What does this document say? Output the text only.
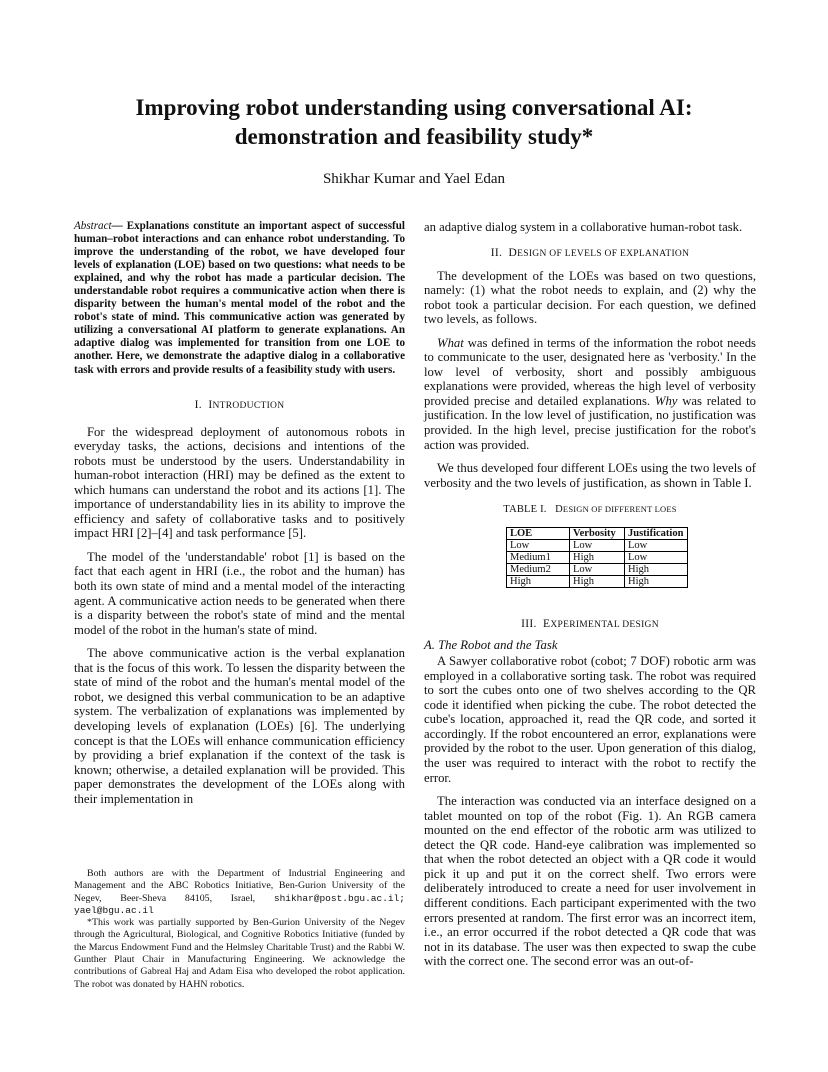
Improving robot understanding using conversational AI:
demonstration and feasibility study*
Shikhar Kumar and Yael Edan

Abstract— Explanations constitute an important aspect of successful human–robot interactions and can enhance robot understanding. To improve the understanding of the robot, we have developed four levels of explanation (LOE) based on two questions: what needs to be explained, and why the robot has made a particular decision. The understandable robot requires a communicative action when there is disparity between the human's mental model of the robot and the robot's state of mind. This communicative action was generated by utilizing a conversational AI platform to generate explanations. An adaptive dialog was implemented for transition from one LOE to another. Here, we demonstrate the adaptive dialog in a collaborative task with errors and provide results of a feasibility study with users.

I. INTRODUCTION

For the widespread deployment of autonomous robots in everyday tasks, the actions, decisions and intentions of the robots must be understood by the users. Understandability in human-robot interaction (HRI) may be defined as the extent to which humans can understand the robot and its actions [1]. The importance of understandability lies in its ability to improve the efficiency and safety of collaborative tasks and to positively impact HRI [2]–[4] and task performance [5].

The model of the 'understandable' robot [1] is based on the fact that each agent in HRI (i.e., the robot and the human) has both its own state of mind and a mental model of the interacting agent. A communicative action needs to be generated when there is a disparity between the robot's state of mind and the mental model of the robot in the human's state of mind.

The above communicative action is the verbal explanation that is the focus of this work. To lessen the disparity between the state of mind of the robot and the human's mental model of the robot, we designed this verbal communication to be an adaptive system. The verbalization of explanations was implemented by developing levels of explanation (LOEs) [6]. The underlying concept is that the LOEs will enhance communication efficiency by providing a brief explanation if the context of the task is known; otherwise, a detailed explanation will be provided. This paper demonstrates the development of the LOEs along with their implementation in

Both authors are with the Department of Industrial Engineering and Management and the ABC Robotics Initiative, Ben-Gurion University of the Negev, Beer-Sheva 84105, Israel, shikhar@post.bgu.ac.il; yael@bgu.ac.il

*This work was partially supported by Ben-Gurion University of the Negev through the Agricultural, Biological, and Cognitive Robotics Initiative (funded by the Marcus Endowment Fund and the Helmsley Charitable Trust) and the Rabbi W. Gunther Plaut Chair in Manufacturing Engineering. We acknowledge the contributions of Gabreal Haj and Adam Eisa who developed the robot application. The robot was donated by HAHN robotics.

an adaptive dialog system in a collaborative human-robot task.

II. DESIGN OF LEVELS OF EXPLANATION

The development of the LOEs was based on two questions, namely: (1) what the robot needs to explain, and (2) why the robot took a particular decision. For each question, we defined two levels, as follows.

What was defined in terms of the information the robot needs to communicate to the user, designated here as 'verbosity.' In the low level of verbosity, short and possibly ambiguous explanations were provided, whereas the high level of verbosity provided precise and detailed explanations. Why was related to justification. In the low level of justification, no justification was provided. In the high level, precise justification for the robot's action was provided.

We thus developed four different LOEs using the two levels of verbosity and the two levels of justification, as shown in Table I.

TABLE I. DESIGN OF DIFFERENT LOES
LOE	Verbosity	Justification
Low	Low	Low
Medium1	High	Low
Medium2	Low	High
High	High	High
III. EXPERIMENTAL DESIGN
A. The Robot and the Task

A Sawyer collaborative robot (cobot; 7 DOF) robotic arm was employed in a collaborative sorting task. The robot was required to sort the cubes onto one of two shelves according to the QR code it identified when picking the cube. The robot detected the cube's location, approached it, read the QR code, and sorted it accordingly. If the robot encountered an error, explanations were provided by the robot to the user. Upon generation of this dialog, the user was required to interact with the robot to rectify the error.

The interaction was conducted via an interface designed on a tablet mounted on top of the robot (Fig. 1). An RGB camera mounted on the end effector of the robotic arm was utilized to detect the QR code. Hand-eye calibration was implemented so that when the robot detected an object with a QR code it would pick it up and put it on the correct shelf. Two errors were deliberately introduced to create a need for user involvement in different conditions. Each participant experimented with the two errors presented at random. The first error was an incorrect item, i.e., an error occurred if the robot detected a QR code that was not in its database. The user was then expected to swap the cube with the correct one. The second error was an out-of-
